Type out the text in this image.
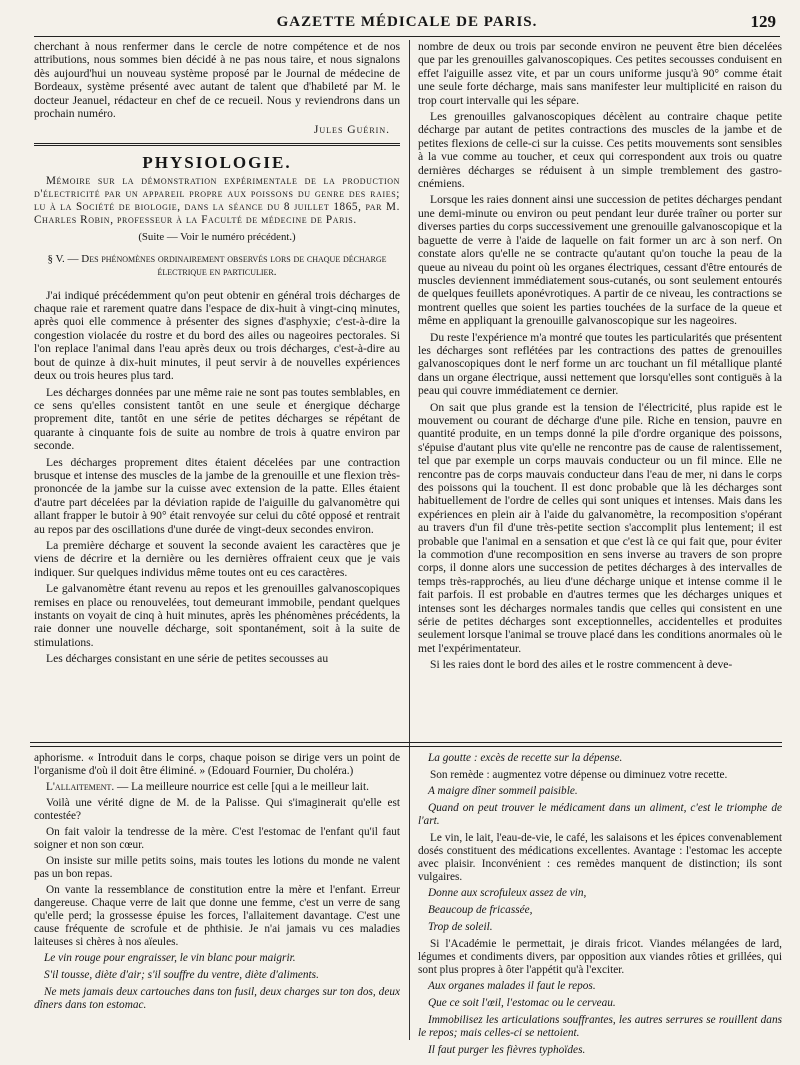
GAZETTE MÉDICALE DE PARIS.	129

cherchant à nous renfermer dans le cercle de notre compétence et de nos attributions, nous sommes bien décidé à ne pas nous taire, et nous signalons dès aujourd'hui un nouveau système proposé par le Journal de médecine de Bordeaux, système présenté avec autant de talent que d'habileté par M. le docteur Jeanuel, rédacteur en chef de ce recueil. Nous y reviendrons dans un prochain numéro.

Jules Guérin.

PHYSIOLOGIE.

Mémoire sur la démonstration expérimentale de la production d'électricité par un appareil propre aux poissons du genre des raies; lu à la Société de biologie, dans la séance du 8 juillet 1865, par M. Charles Robin, professeur à la Faculté de médecine de Paris.

(Suite — Voir le numéro précédent.)
§ V. — Des phénomènes ordinairement observés lors de chaque décharge électrique en particulier.

J'ai indiqué précédemment qu'on peut obtenir en général trois décharges de chaque raie et rarement quatre dans l'espace de dix-huit à vingt-cinq minutes, après quoi elle commence à présenter des signes d'asphyxie; c'est-à-dire la congestion violacée du rostre et du bord des ailes ou nageoires pectorales. Si l'on replace l'animal dans l'eau après deux ou trois décharges, c'est-à-dire au bout de quinze à dix-huit minutes, il peut servir à de nouvelles expériences deux ou trois heures plus tard.

Les décharges données par une même raie ne sont pas toutes semblables, en ce sens qu'elles consistent tantôt en une seule et énergique décharge proprement dite, tantôt en une série de petites décharges se répétant de quarante à cinquante fois de suite au nombre de trois à quatre environ par seconde.

Les décharges proprement dites étaient décelées par une contraction brusque et intense des muscles de la jambe de la grenouille et une flexion très-prononcée de la jambe sur la cuisse avec extension de la patte. Elles étaient d'autre part décelées par la déviation rapide de l'aiguille du galvanomètre qui allant frapper le butoir à 90° était renvoyée sur celui du côté opposé et rentrait au repos par des oscillations d'une durée de vingt-deux secondes environ.

La première décharge et souvent la seconde avaient les caractères que je viens de décrire et la dernière ou les dernières offraient ceux que je vais indiquer. Sur quelques individus même toutes ont eu ces caractères.

Le galvanomètre étant revenu au repos et les grenouilles galvanoscopiques remises en place ou renouvelées, tout demeurant immobile, pendant quelques instants on voyait de cinq à huit minutes, après les phénomènes précédents, la raie donner une nouvelle décharge, soit spontanément, soit à la suite de stimulations.

Les décharges consistant en une série de petites secousses au

nombre de deux ou trois par seconde environ ne peuvent être bien décelées que par les grenouilles galvanoscopiques. Ces petites secousses conduisent en effet l'aiguille assez vite, et par un cours uniforme jusqu'à 90° comme était une seule forte décharge, mais sans manifester leur multiplicité en raison du trop court intervalle qui les sépare.

Les grenouilles galvanoscopiques décèlent au contraire chaque petite décharge par autant de petites contractions des muscles de la jambe et de petites flexions de celle-ci sur la cuisse. Ces petits mouvements sont sensibles à la vue comme au toucher, et ceux qui correspondent aux trois ou quatre dernières décharges se réduisent à un simple tremblement des gastro-cnémiens.

Lorsque les raies donnent ainsi une succession de petites décharges pendant une demi-minute ou environ ou peut pendant leur durée traîner ou porter sur diverses parties du corps successivement une grenouille galvanoscopique et la baguette de verre à l'aide de laquelle on fait former un arc à son nerf. On constate alors qu'elle ne se contracte qu'autant qu'on touche la peau de la queue au niveau du point où les organes électriques, cessant d'être entourés de muscles deviennent immédiatement sous-cutanés, ou sont seulement entourés de quelques feuillets aponévrotiques. A partir de ce niveau, les contractions se montrent quelles que soient les parties touchées de la surface de la queue et même en appliquant la grenouille galvanoscopique sur les nageoires.

Du reste l'expérience m'a montré que toutes les particularités que présentent les décharges sont reflétées par les contractions des pattes de grenouilles galvanoscopiques dont le nerf forme un arc touchant un fil métallique planté dans un organe électrique, aussi nettement que lorsqu'elles sont contiguës à la peau qui couvre immédiatement ce dernier.

On sait que plus grande est la tension de l'électricité, plus rapide est le mouvement ou courant de décharge d'une pile. Riche en tension, pauvre en quantité produite, en un temps donné la pile d'ordre organique des poissons, s'épuise d'autant plus vite qu'elle ne rencontre pas de cause de ralentissement, tel que par exemple un corps mauvais conducteur ou un fil mince. Elle ne rencontre pas de corps mauvais conducteur dans l'eau de mer, ni dans le corps des poissons qui la touchent. Il est donc probable que là les décharges sont habituellement de l'ordre de celles qui sont uniques et intenses. Mais dans les expériences en plein air à l'aide du galvanomètre, la recomposition s'opérant au travers d'un fil d'une très-petite section s'accomplit plus lentement; il est probable que l'animal en a sensation et que c'est là ce qui fait que, pour éviter la commotion d'une recomposition en sens inverse au travers de son propre corps, il donne alors une succession de petites décharges à des intervalles de temps très-rapprochés, au lieu d'une décharge unique et intense comme il le fait parfois. Il est probable en d'autres termes que les décharges uniques et intenses sont les décharges normales tandis que celles qui consistent en une série de petites décharges sont exceptionnelles, accidentelles et produites seulement lorsque l'animal se trouve placé dans les conditions anormales où le met l'expérimentateur.

Si les raies dont le bord des ailes et le rostre commencent à deve-

aphorisme. « Introduit dans le corps, chaque poison se dirige vers un point de l'organisme d'où il doit être éliminé. » (Edouard Fournier, Du choléra.)

L'allaitement. — La meilleure nourrice est celle [qui a le meilleur lait.

Voilà une vérité digne de M. de la Palisse. Qui s'imaginerait qu'elle est contestée?

On fait valoir la tendresse de la mère. C'est l'estomac de l'enfant qu'il faut soigner et non son cœur.

On insiste sur mille petits soins, mais toutes les lotions du monde ne valent pas un bon repas.

On vante la ressemblance de constitution entre la mère et l'enfant. Erreur dangereuse. Chaque verre de lait que donne une femme, c'est un verre de sang qu'elle perd; la grossesse épuise les forces, l'allaitement davantage. C'est une cause fréquente de scrofule et de phthisie. Je n'ai jamais vu ces maladies laiteuses si chères à nos aïeules.

Le vin rouge pour engraisser, le vin blanc pour maigrir.

S'il tousse, diète d'air; s'il souffre du ventre, diète d'aliments.

Ne mets jamais deux cartouches dans ton fusil, deux charges sur ton dos, deux dîners dans ton estomac.

La goutte : excès de recette sur la dépense.

Son remède : augmentez votre dépense ou diminuez votre recette.

A maigre dîner sommeil paisible.

Quand on peut trouver le médicament dans un aliment, c'est le triomphe de l'art.

Le vin, le lait, l'eau-de-vie, le café, les salaisons et les épices convenablement dosés constituent des médications excellentes. Avantage : l'estomac les accepte avec plaisir. Inconvénient : ces remèdes manquent de distinction; ils sont vulgaires.

Donne aux scrofuleux assez de vin,

Beaucoup de fricassée,

Trop de soleil.

Si l'Académie le permettait, je dirais fricot. Viandes mélangées de lard, légumes et condiments divers, par opposition aux viandes rôties et grillées, qui sont plus propres à ôter l'appétit qu'à l'exciter.

Aux organes malades il faut le repos.

Que ce soit l'œil, l'estomac ou le cerveau.

Immobilisez les articulations souffrantes, les autres serrures se rouillent dans le repos; mais celles-ci se nettoient.

Il faut purger les fièvres typhoïdes.
